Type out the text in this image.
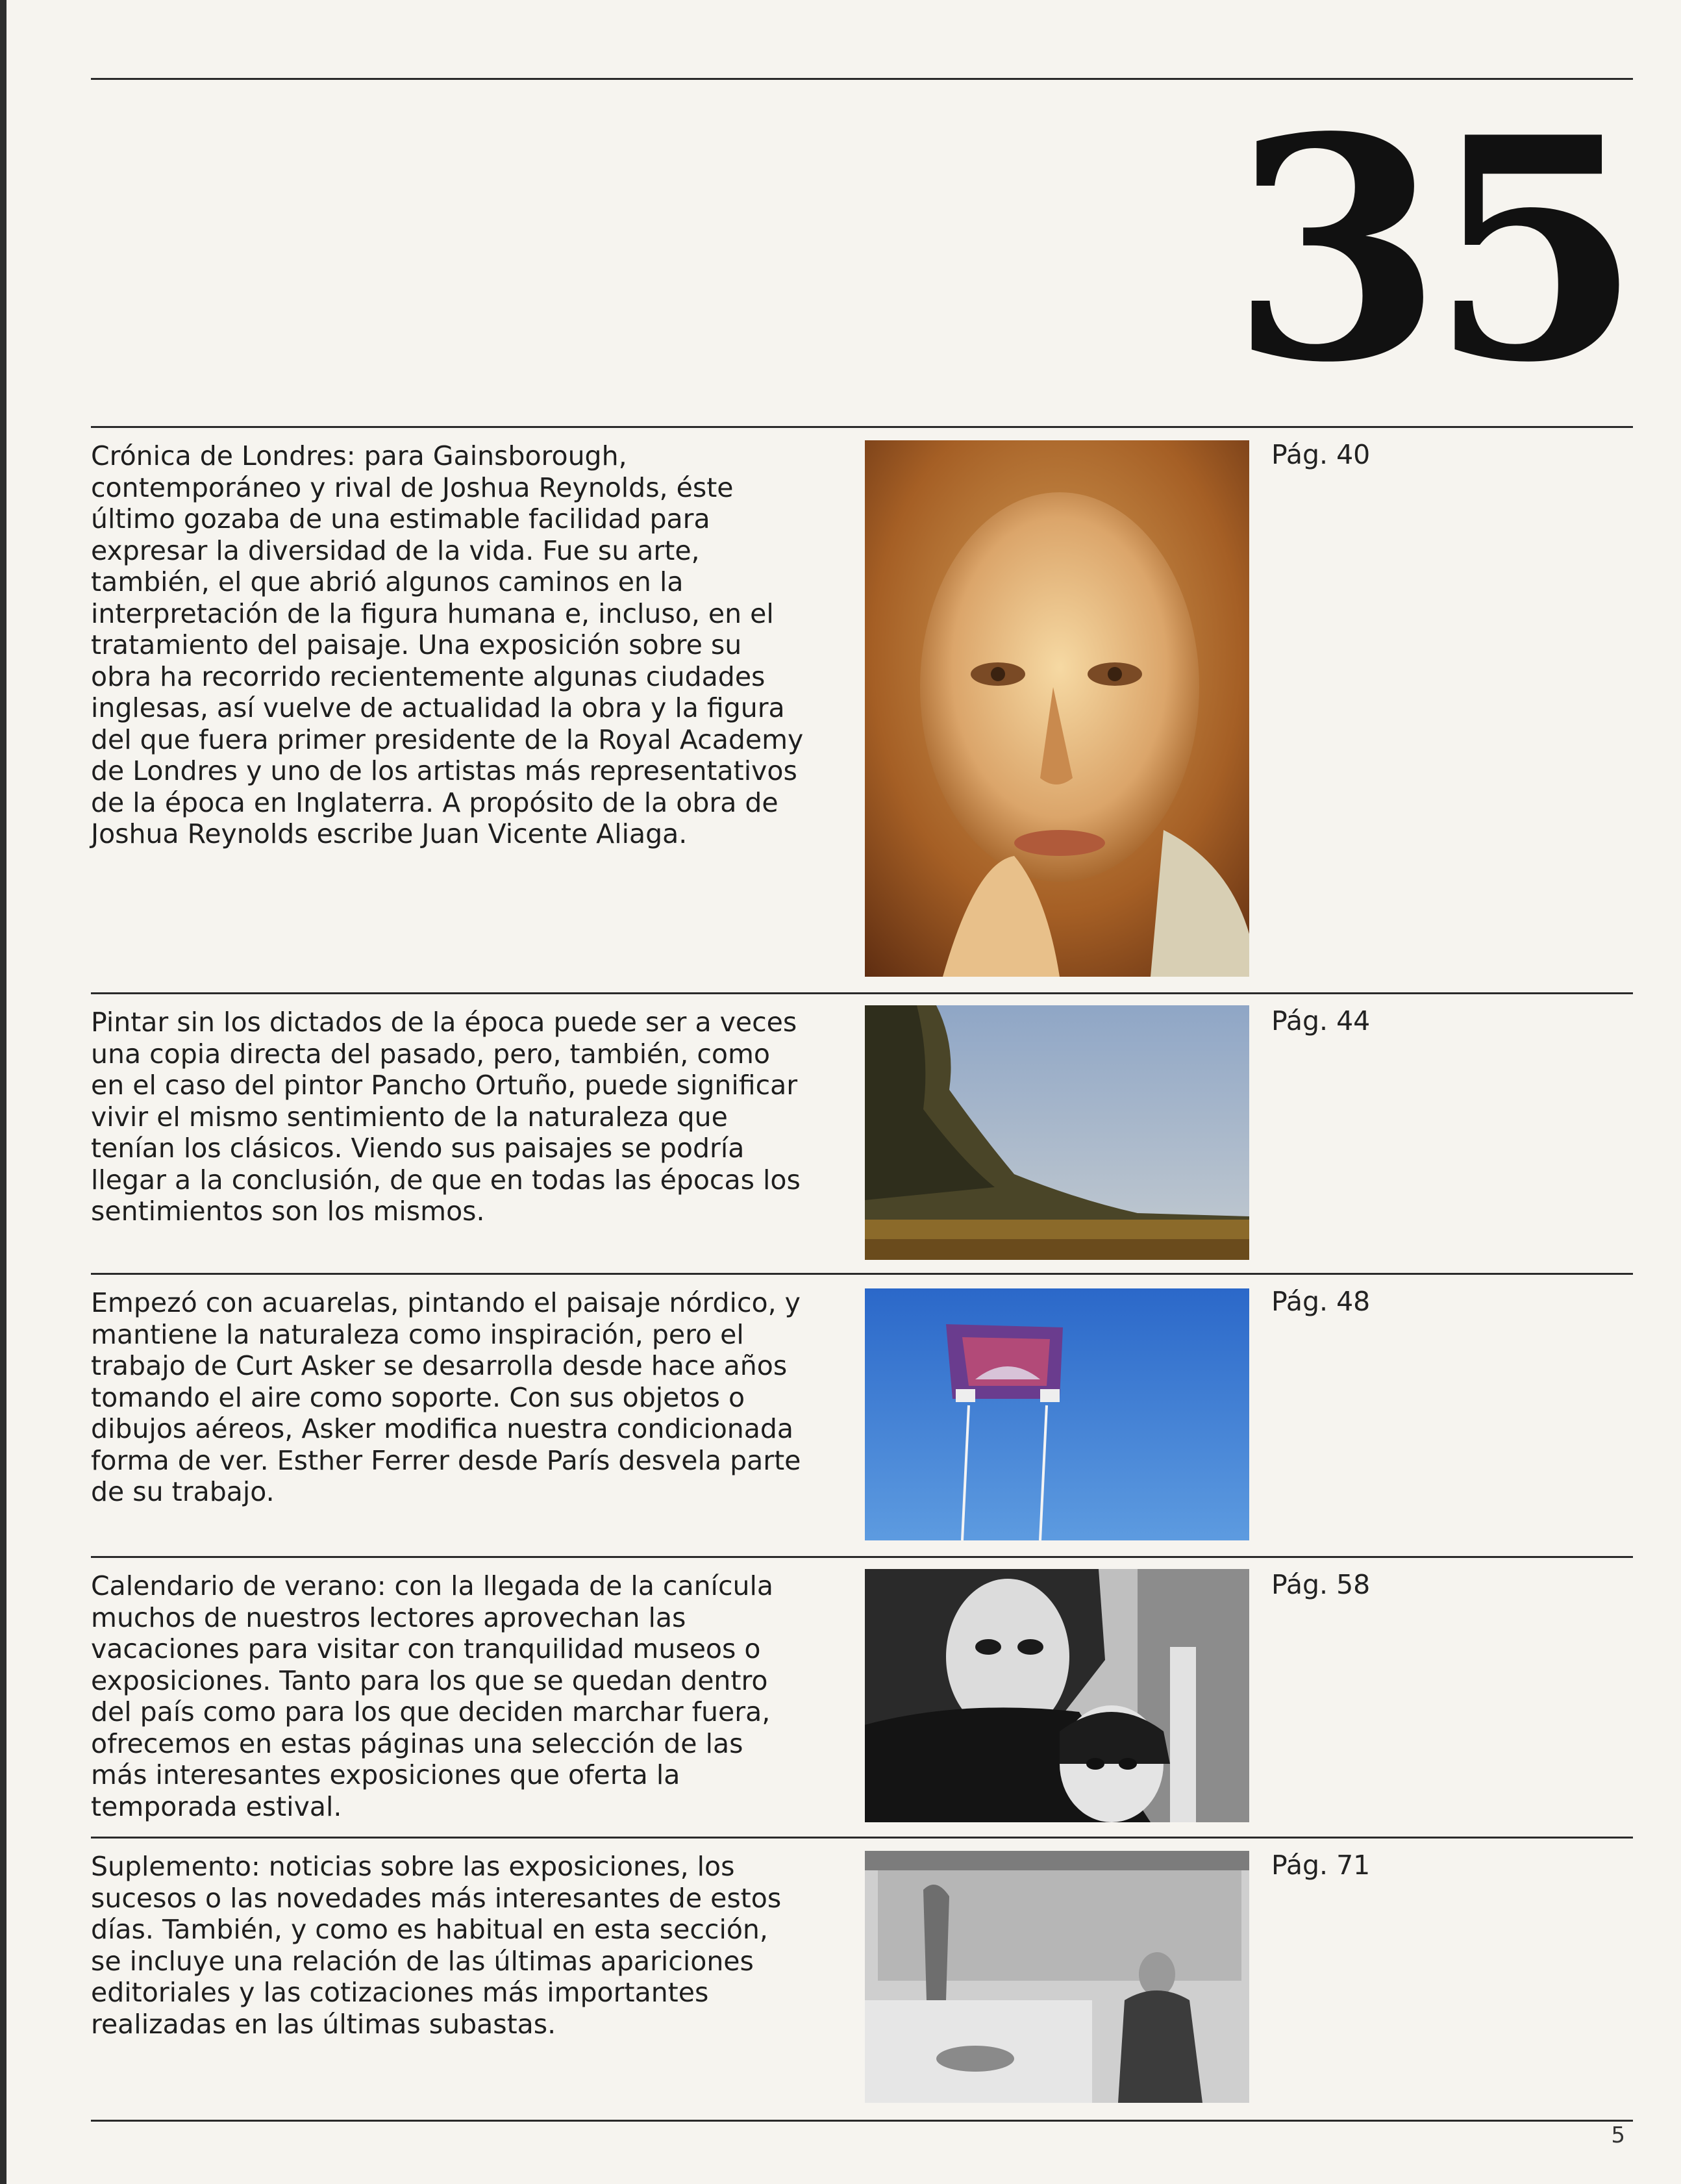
35
Crónica de Londres: para Gainsborough, contemporáneo y rival de Joshua Reynolds, éste último gozaba de una estimable facilidad para expresar la diversidad de la vida. Fue su arte, también, el que abrió algunos caminos en la interpretación de la figura humana e, incluso, en el tratamiento del paisaje. Una exposición sobre su obra ha recorrido recientemente algunas ciudades inglesas, así vuelve de actualidad la obra y la figura del que fuera primer presidente de la Royal Academy de Londres y uno de los artistas más representativos de la época en Inglaterra. A propósito de la obra de Joshua Reynolds escribe Juan Vicente Aliaga.
Pág. 40
Pintar sin los dictados de la época puede ser a veces una copia directa del pasado, pero, también, como en el caso del pintor Pancho Ortuño, puede significar vivir el mismo sentimiento de la naturaleza que tenían los clásicos. Viendo sus paisajes se podría llegar a la conclusión, de que en todas las épocas los sentimientos son los mismos.
Pág. 44
Empezó con acuarelas, pintando el paisaje nórdico, y mantiene la naturaleza como inspiración, pero el trabajo de Curt Asker se desarrolla desde hace años tomando el aire como soporte. Con sus objetos o dibujos aéreos, Asker modifica nuestra condicionada forma de ver. Esther Ferrer desde París desvela parte de su trabajo.
Pág. 48
Calendario de verano: con la llegada de la canícula muchos de nuestros lectores aprovechan las vacaciones para visitar con tranquilidad museos o exposiciones. Tanto para los que se quedan dentro del país como para los que deciden marchar fuera, ofrecemos en estas páginas una selección de las más interesantes exposiciones que oferta la temporada estival.
Pág. 58
Suplemento: noticias sobre las exposiciones, los sucesos o las novedades más interesantes de estos días. También, y como es habitual en esta sección, se incluye una relación de las últimas apariciones editoriales y las cotizaciones más importantes realizadas en las últimas subastas.
Pág. 71
5
